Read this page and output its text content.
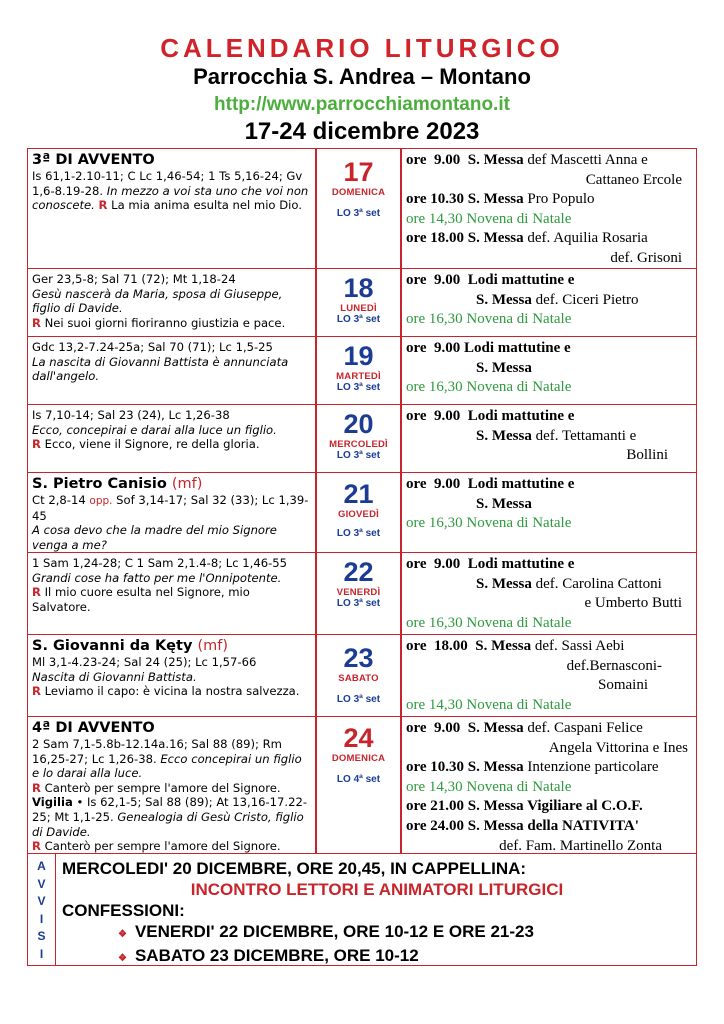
CALENDARIO LITURGICO
Parrocchia S. Andrea – Montano
http://www.parrocchiamontano.it
17-24 dicembre 2023
3ª DI AVVENTO
Is 61,1-2.10-11; C Lc 1,46-54; 1 Ts 5,16-24; Gv 1,6-8.19-28. In mezzo a voi sta uno che voi non conoscete. R La mia anima esulta nel mio Dio.
17
DOMENICA
LO 3ª set
ore  9.00  S. Messa def Mascetti Anna e
Cattaneo Ercole
ore 10.30 S. Messa Pro Populo
ore 14,30 Novena di Natale
ore 18.00 S. Messa def. Aquilia Rosaria
def. Grisoni
Ger 23,5-8; Sal 71 (72); Mt 1,18-24
Gesù nascerà da Maria, sposa di Giuseppe, figlio di Davide.
R Nei suoi giorni fioriranno giustizia e pace.
18
LUNEDÌ
LO 3ª set
ore  9.00  Lodi mattutine e
S. Messa def. Ciceri Pietro
ore 16,30 Novena di Natale
Gdc 13,2-7.24-25a; Sal 70 (71); Lc 1,5-25
La nascita di Giovanni Battista è annunciata dall'angelo.
19
MARTEDÌ
LO 3ª set
ore  9.00 Lodi mattutine e
S. Messa
ore 16,30 Novena di Natale
Is 7,10-14; Sal 23 (24), Lc 1,26-38
Ecco, concepirai e darai alla luce un figlio.
R Ecco, viene il Signore, re della gloria.
20
MERCOLEDÌ
LO 3ª set
ore  9.00  Lodi mattutine e
S. Messa def. Tettamanti e
Bollini
S. Pietro Canisio (mf)
Ct 2,8-14 opp. Sof 3,14-17; Sal 32 (33); Lc 1,39-45
A cosa devo che la madre del mio Signore venga a me?
21
GIOVEDÌ
LO 3ª set
ore  9.00  Lodi mattutine e
S. Messa
ore 16,30 Novena di Natale
1 Sam 1,24-28; C 1 Sam 2,1.4-8; Lc 1,46-55
Grandi cose ha fatto per me l'Onnipotente.
R Il mio cuore esulta nel Signore, mio Salvatore.
22
VENERDÌ
LO 3ª set
ore  9.00  Lodi mattutine e
S. Messa def. Carolina Cattoni
e Umberto Butti
ore 16,30 Novena di Natale
S. Giovanni da Kęty (mf)
Ml 3,1-4.23-24; Sal 24 (25); Lc 1,57-66
Nascita di Giovanni Battista.
R Leviamo il capo: è vicina la nostra salvezza.
23
SABATO
LO 3ª set
ore  18.00  S. Messa def. Sassi Aebi
def.Bernasconi-
Somaini
ore 14,30 Novena di Natale
4ª DI AVVENTO
2 Sam 7,1-5.8b-12.14a.16; Sal 88 (89); Rm 16,25-27; Lc 1,26-38. Ecco concepirai un figlio e lo darai alla luce.
R Canterò per sempre l'amore del Signore.
Vigilia • Is 62,1-5; Sal 88 (89); At 13,16-17.22-25; Mt 1,1-25. Genealogia di Gesù Cristo, figlio di Davide.
R Canterò per sempre l'amore del Signore.
24
DOMENICA
LO 4ª set
ore  9.00  S. Messa def. Caspani Felice
Angela Vittorina e Ines
ore 10.30 S. Messa Intenzione particolare
ore 14,30 Novena di Natale
ore 21.00 S. Messa Vigiliare al C.O.F.
ore 24.00 S. Messa della NATIVITA'
def. Fam. Martinello Zonta
A
V
V
I
S
I
MERCOLEDI' 20 DICEMBRE, ORE 20,45, IN CAPPELLINA:
INCONTRO LETTORI E ANIMATORI LITURGICI
CONFESSIONI:
❖ VENERDI' 22 DICEMBRE, ORE 10-12 E ORE 21-23
❖ SABATO 23 DICEMBRE, ORE 10-12
